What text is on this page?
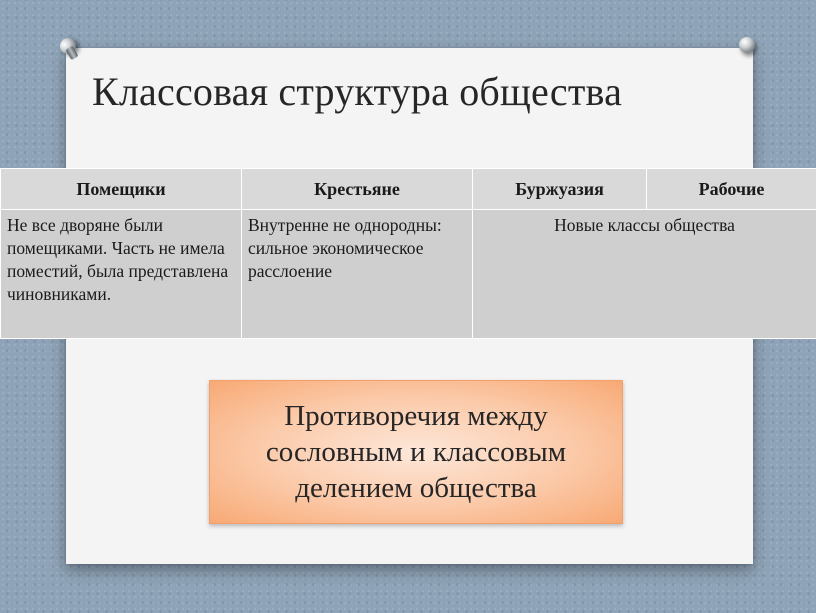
Классовая структура общества
Помещики	Крестьяне	Буржуазия	Рабочие
Не все дворяне были помещиками. Часть не имела поместий, была представлена чиновниками.	Внутренне не однородны: сильное экономическое расслоение	Новые классы общества	
Противоречия между
сословным и классовым
делением общества
